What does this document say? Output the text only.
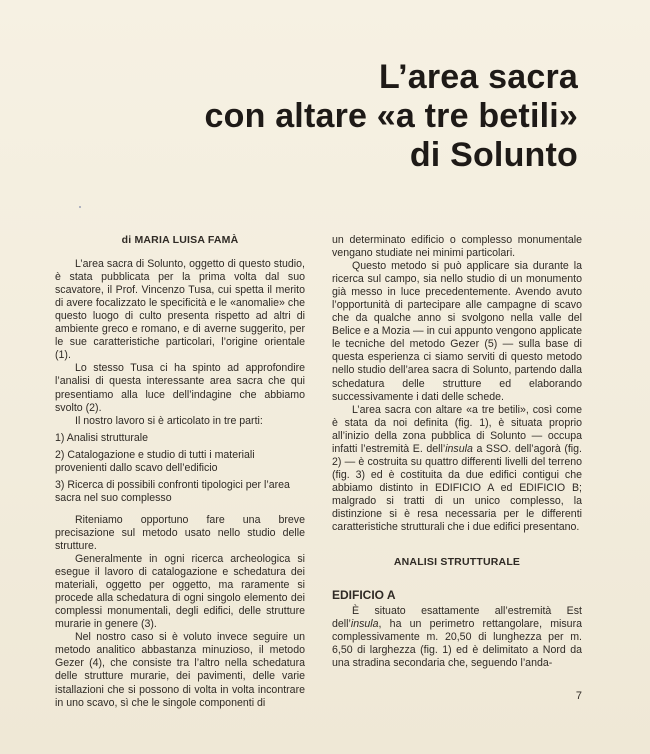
L’area sacra
con altare «a tre betili»
di Solunto

di MARIA LUISA FAMÀ

L’area sacra di Solunto, oggetto di questo studio, è stata pubblicata per la prima volta dal suo scavatore, il Prof. Vincenzo Tusa, cui spetta il merito di avere focalizzato le specificità e le «anomalie» che questo luogo di culto presenta rispetto ad altri di ambiente greco e romano, e di averne suggerito, per le sue caratteristiche particolari, l’origine orientale (1).

Lo stesso Tusa ci ha spinto ad approfondire l’analisi di questa interessante area sacra che qui presentiamo alla luce dell’indagine che abbiamo svolto (2).

Il nostro lavoro si è articolato in tre parti:

1) Analisi strutturale

2) Catalogazione e studio di tutti i materiali provenienti dallo scavo dell’edificio

3) Ricerca di possibili confronti tipologici per l’area sacra nel suo complesso

Riteniamo opportuno fare una breve precisazione sul metodo usato nello studio delle strutture.

Generalmente in ogni ricerca archeologica si esegue il lavoro di catalogazione e schedatura dei materiali, oggetto per oggetto, ma raramente si procede alla schedatura di ogni singolo elemento dei complessi monumentali, degli edifici, delle strutture murarie in genere (3).

Nel nostro caso si è voluto invece seguire un metodo analitico abbastanza minuzioso, il metodo Gezer (4), che consiste tra l’altro nella schedatura delle strutture murarie, dei pavimenti, delle varie istallazioni che si possono di volta in volta incontrare in uno scavo, sì che le singole componenti di

un determinato edificio o complesso monumentale vengano studiate nei minimi particolari.

Questo metodo si può applicare sia durante la ricerca sul campo, sia nello studio di un monumento già messo in luce precedentemente. Avendo avuto l’opportunità di partecipare alle campagne di scavo che da qualche anno si svolgono nella valle del Belice e a Mozia — in cui appunto vengono applicate le tecniche del metodo Gezer (5) — sulla base di questa esperienza ci siamo serviti di questo metodo nello studio dell’area sacra di Solunto, partendo dalla schedatura delle strutture ed elaborando successivamente i dati delle schede.

L’area sacra con altare «a tre betili», così come è stata da noi definita (fig. 1), è situata proprio all’inizio della zona pubblica di Solunto — occupa infatti l’estremità E. dell’insula a SSO. dell’agorà (fig. 2) — è costruita su quattro differenti livelli del terreno (fig. 3) ed è costituita da due edifici contigui che abbiamo distinto in EDIFICIO A ed EDIFICIO B; malgrado si tratti di un unico complesso, la distinzione si è resa necessaria per le differenti caratteristiche strutturali che i due edifici presentano.

ANALISI STRUTTURALE

EDIFICIO A

È situato esattamente all’estremità Est dell’insula, ha un perimetro rettangolare, misura complessivamente m. 20,50 di lunghezza per m. 6,50 di larghezza (fig. 1) ed è delimitato a Nord da una stradina secondaria che, seguendo l’anda-

7
